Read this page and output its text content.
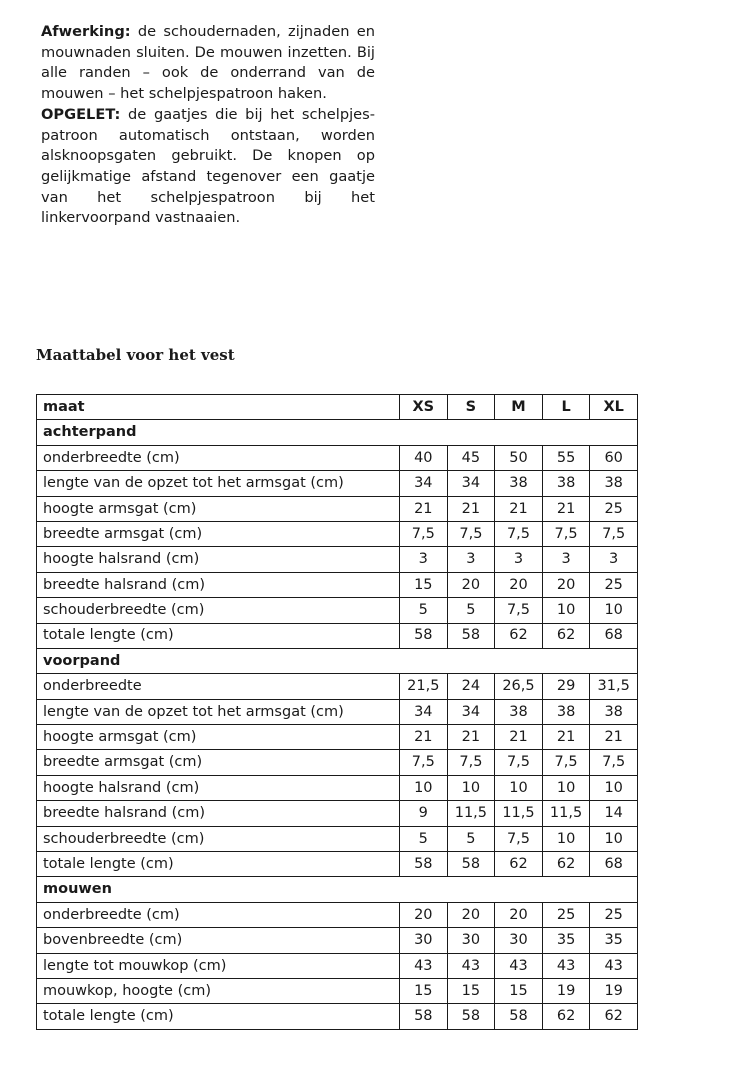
Afwerking: de schoudernaden, zijnaden en mouwnaden sluiten. De mouwen inzetten. Bij alle randen – ook de onderrand van de mouwen – het schelpjespatroon haken.

OPGELET: de gaatjes die bij het schelpjespatroon automatisch ontstaan, worden alsknoopsgaten gebruikt. De knopen op gelijkmatige afstand tegenover een gaatje van het schelpjespatroon bij het linkervoorpand vastnaaien.

Maattabel voor het vest
maat	XS	S	M	L	XL
achterpand					
onderbreedte (cm)	40	45	50	55	60
lengte van de opzet tot het armsgat (cm)	34	34	38	38	38
hoogte armsgat (cm)	21	21	21	21	25
breedte armsgat (cm)	7,5	7,5	7,5	7,5	7,5
hoogte halsrand (cm)	3	3	3	3	3
breedte halsrand (cm)	15	20	20	20	25
schouderbreedte (cm)	5	5	7,5	10	10
totale lengte (cm)	58	58	62	62	68
voorpand					
onderbreedte	21,5	24	26,5	29	31,5
lengte van de opzet tot het armsgat (cm)	34	34	38	38	38
hoogte armsgat (cm)	21	21	21	21	21
breedte armsgat (cm)	7,5	7,5	7,5	7,5	7,5
hoogte halsrand (cm)	10	10	10	10	10
breedte halsrand (cm)	9	11,5	11,5	11,5	14
schouderbreedte (cm)	5	5	7,5	10	10
totale lengte (cm)	58	58	62	62	68
mouwen					
onderbreedte (cm)	20	20	20	25	25
bovenbreedte (cm)	30	30	30	35	35
lengte tot mouwkop (cm)	43	43	43	43	43
mouwkop, hoogte (cm)	15	15	15	19	19
totale lengte (cm)	58	58	58	62	62
